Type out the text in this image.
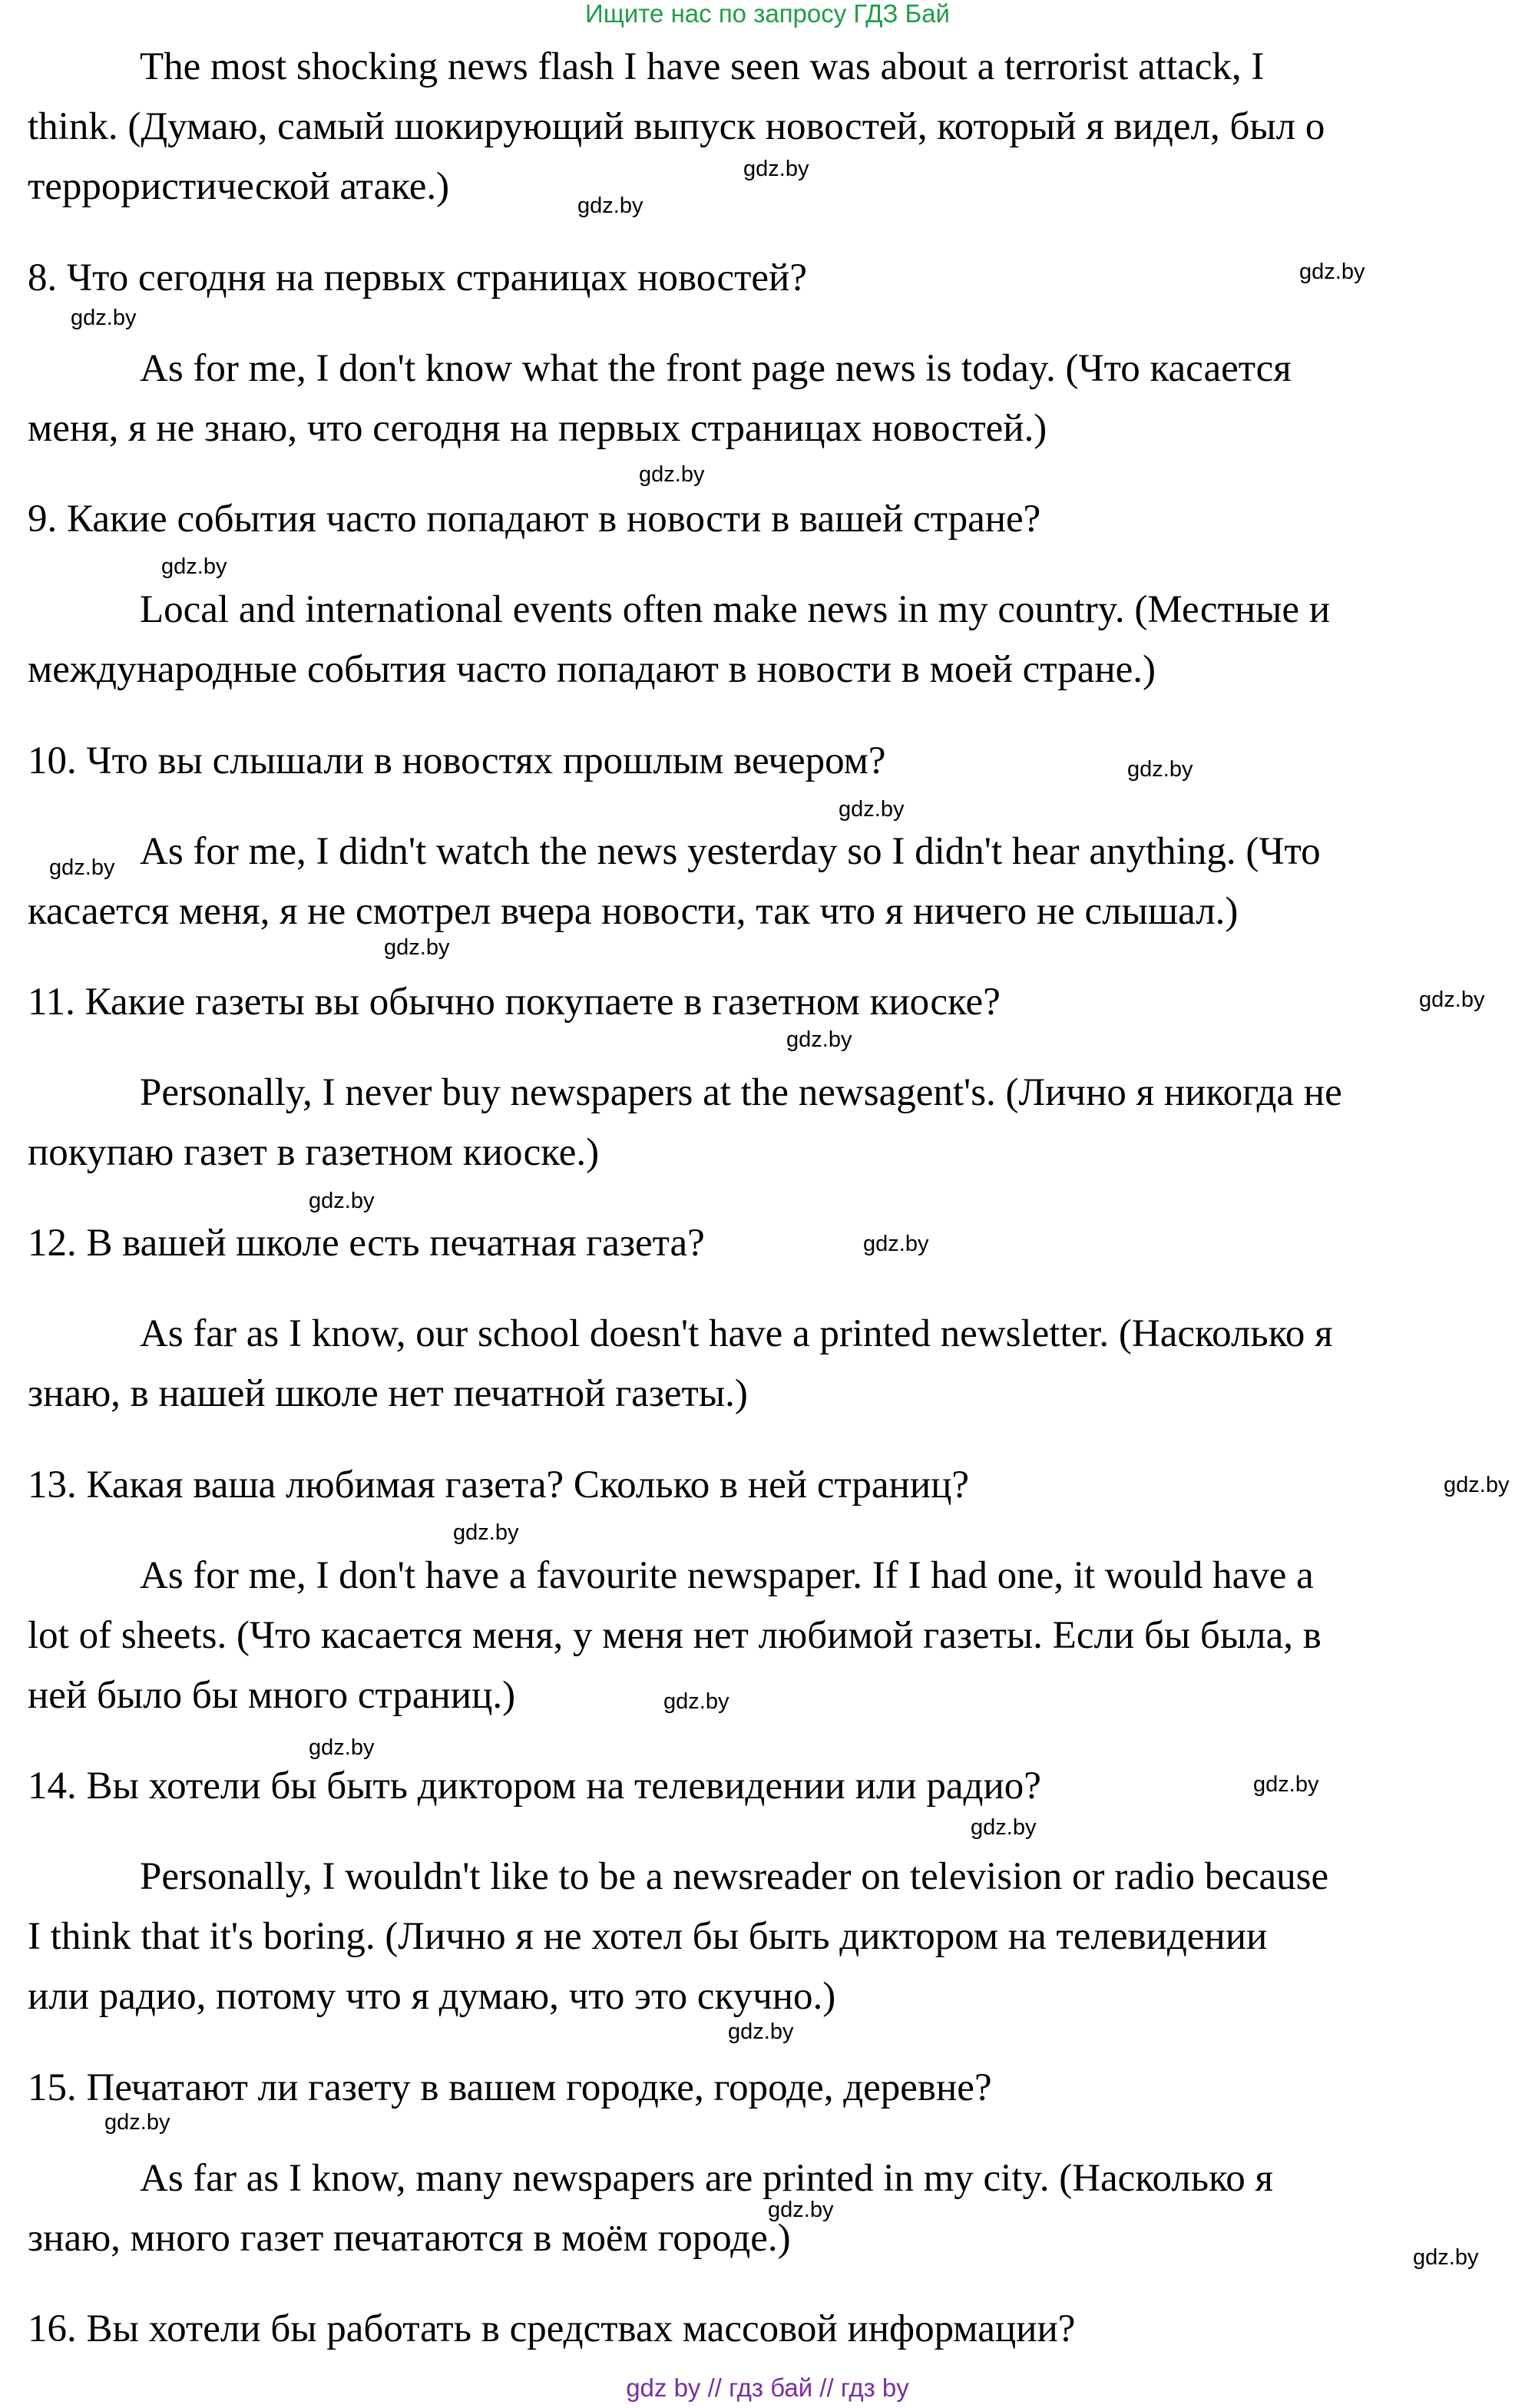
Ищите нас по запросу ГДЗ Бай
The most shocking news flash I have seen was about a terrorist attack, I
think. (Думаю, самый шокирующий выпуск новостей, который я видел, был о
террористической атаке.)
8. Что сегодня на первых страницах новостей?
As for me, I don't know what the front page news is today. (Что касается
меня, я не знаю, что сегодня на первых страницах новостей.)
9. Какие события часто попадают в новости в вашей стране?
Local and international events often make news in my country. (Местные и
международные события часто попадают в новости в моей стране.)
10. Что вы слышали в новостях прошлым вечером?
As for me, I didn't watch the news yesterday so I didn't hear anything. (Что
касается меня, я не смотрел вчера новости, так что я ничего не слышал.)
11. Какие газеты вы обычно покупаете в газетном киоске?
Personally, I never buy newspapers at the newsagent's. (Лично я никогда не
покупаю газет в газетном киоске.)
12. В вашей школе есть печатная газета?
As far as I know, our school doesn't have a printed newsletter. (Насколько я
знаю, в нашей школе нет печатной газеты.)
13. Какая ваша любимая газета? Сколько в ней страниц?
As for me, I don't have a favourite newspaper. If I had one, it would have a
lot of sheets. (Что касается меня, у меня нет любимой газеты. Если бы была, в
ней было бы много страниц.)
14. Вы хотели бы быть диктором на телевидении или радио?
Personally, I wouldn't like to be a newsreader on television or radio because
I think that it's boring. (Лично я не хотел бы быть диктором на телевидении
или радио, потому что я думаю, что это скучно.)
15. Печатают ли газету в вашем городке, городе, деревне?
As far as I know, many newspapers are printed in my city. (Насколько я
знаю, много газет печатаются в моём городе.)
16. Вы хотели бы работать в средствах массовой информации?
gdz.by
gdz.by
gdz.by
gdz.by
gdz.by
gdz.by
gdz.by
gdz.by
gdz.by
gdz.by
gdz.by
gdz.by
gdz.by
gdz.by
gdz.by
gdz.by
gdz.by
gdz.by
gdz.by
gdz.by
gdz.by
gdz.by
gdz.by
gdz.by
gdz by // гдз бай // гдз by
